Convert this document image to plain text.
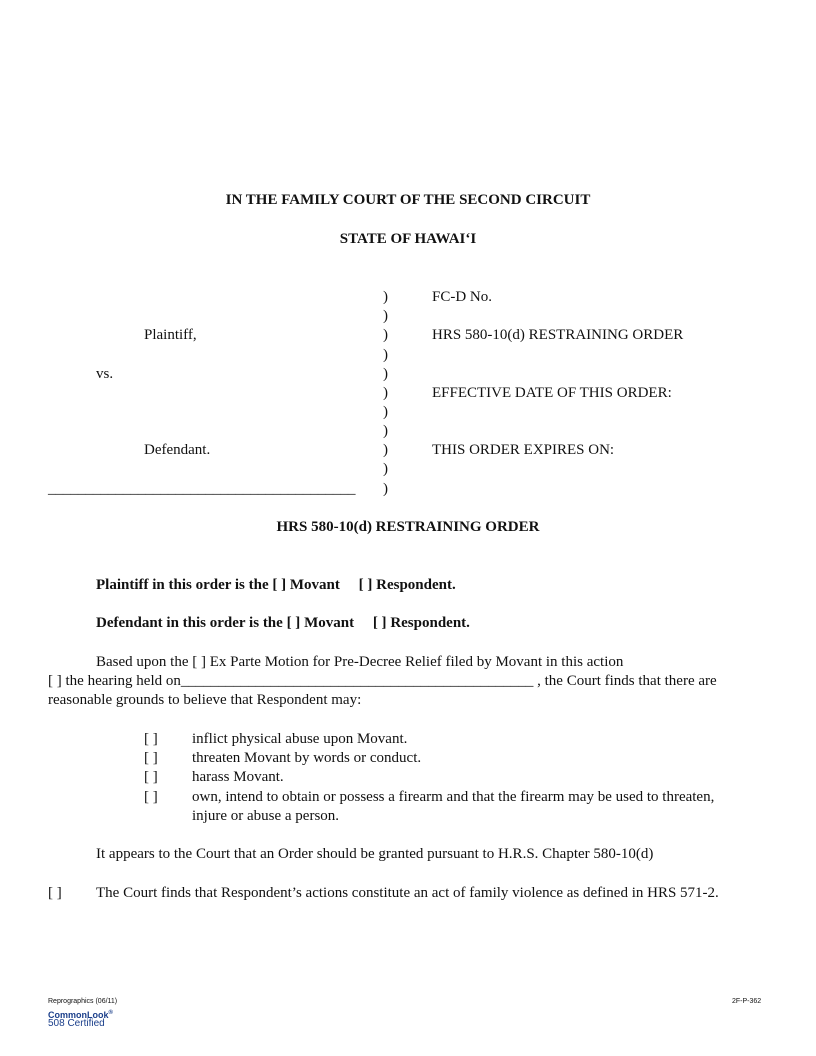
IN THE FAMILY COURT OF THE SECOND CIRCUIT
STATE OF HAWAI‘I
Plaintiff,
vs.
Defendant.
_________________________________________
)
)
)
)
)
)
)
)
)
)
)
FC-D No.
HRS 580-10(d) RESTRAINING ORDER
EFFECTIVE DATE OF THIS ORDER:
THIS ORDER EXPIRES ON:
HRS 580-10(d) RESTRAINING ORDER
Plaintiff in this order is the [ ] Movant [ ] Respondent.
Defendant in this order is the [ ] Movant [ ] Respondent.
Based upon the [ ] Ex Parte Motion for Pre-Decree Relief filed by Movant in this action
[ ] the hearing held on_______________________________________________ , the Court finds that there are
reasonable grounds to believe that Respondent may:
[ ] inflict physical abuse upon Movant.
[ ] threaten Movant by words or conduct.
[ ] harass Movant.
[ ] own, intend to obtain or possess a firearm and that the firearm may be used to threaten,
injure or abuse a person.
It appears to the Court that an Order should be granted pursuant to H.R.S. Chapter 580-10(d)
[ ] The Court finds that Respondent’s actions constitute an act of family violence as defined in HRS 571-2.
Reprographics (06/11)	2F-P-362
CommonLook®
508 Certified
